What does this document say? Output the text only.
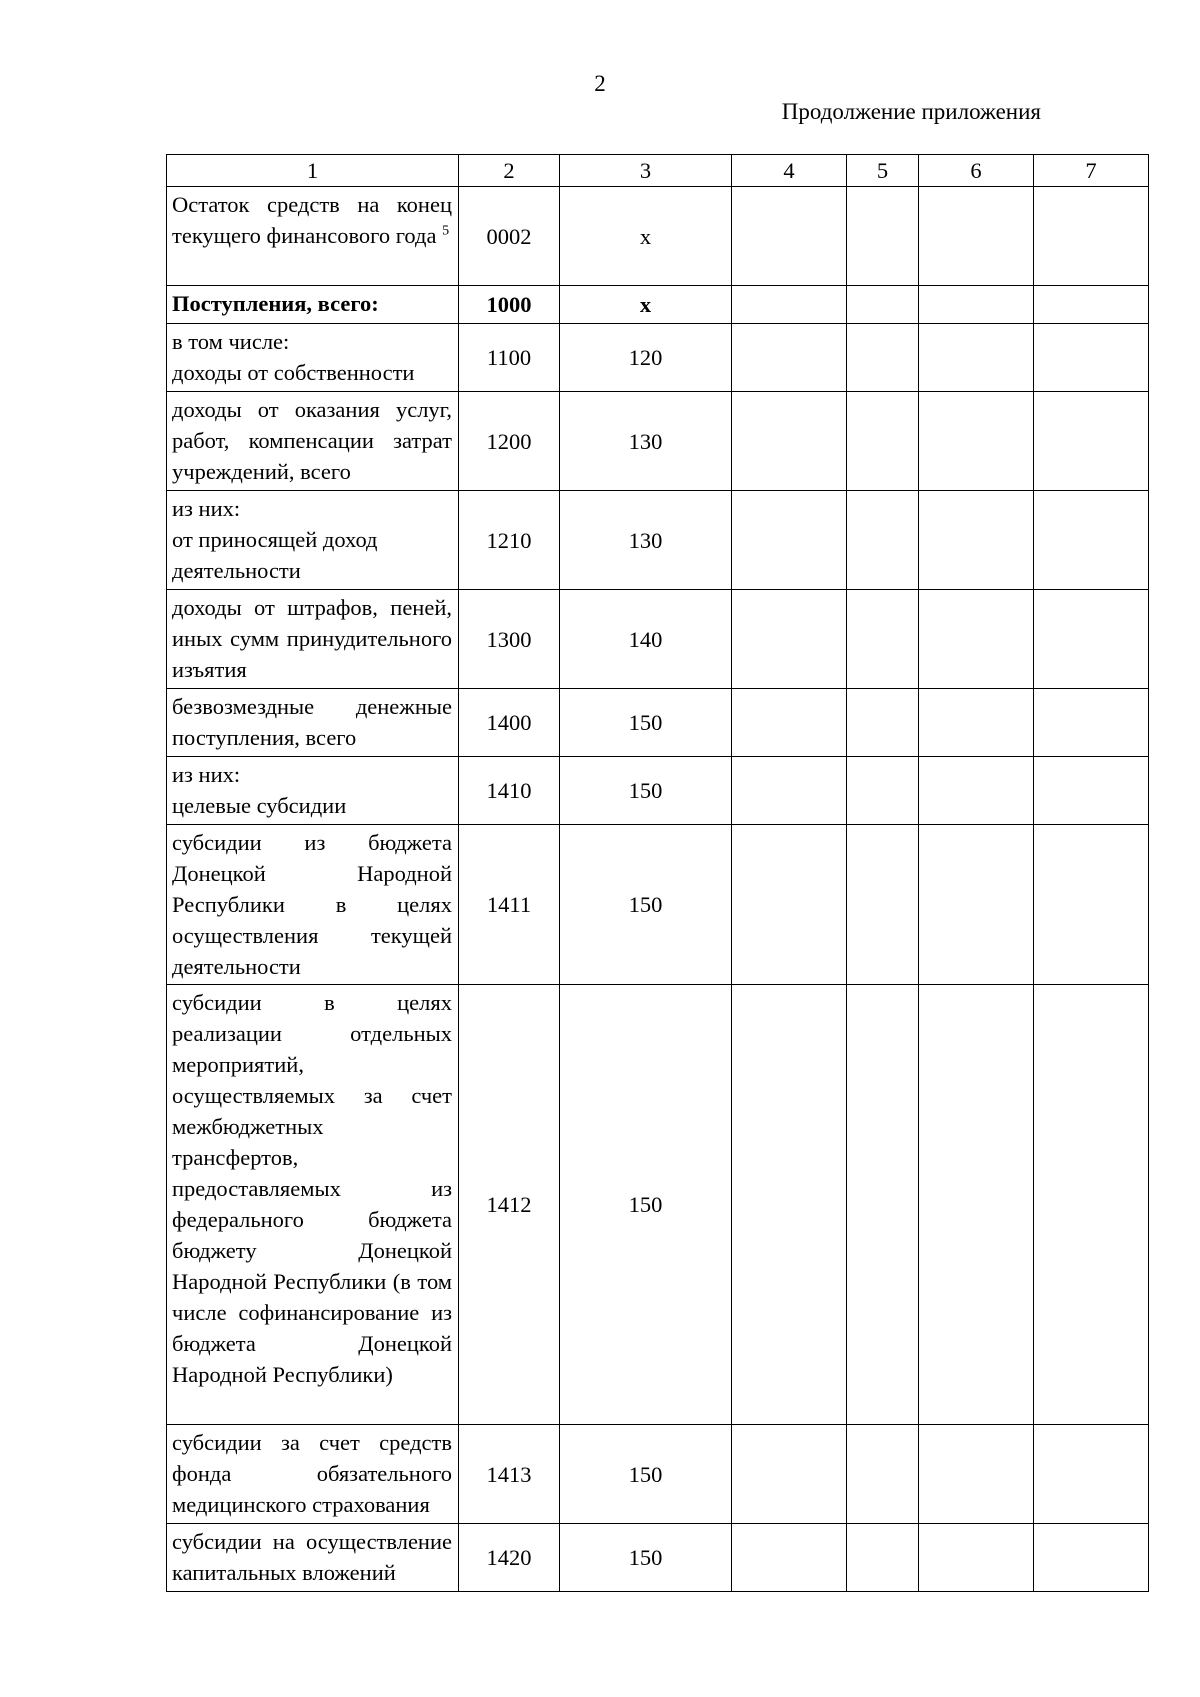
2
Продолжение приложения
1	2	3	4	5	6	7
Остаток средств на конец текущего финансового года $^5$	0002	х				
Поступления, всего:	1000	х				

в том числе:
доходы от собственности	1100	120				
доходы от оказания услуг, работ, компенсации затрат учреждений, всего	1200	130				

из них:
от приносящей доход
деятельности	1210	130				
доходы от штрафов, пеней, иных сумм принудительного изъятия	1300	140				
безвозмездные денежные поступления, всего	1400	150				

из них:
целевые субсидии	1410	150				
субсидии из бюджета Донецкой Народной Республики в целях осуществления текущей деятельности	1411	150				
субсидии в целях реализации отдельных мероприятий, осуществляемых за счет межбюджетных трансфертов, предоставляемых из федерального бюджета бюджету Донецкой Народной Республики (в том числе софинансирование из бюджета Донецкой Народной Республики)	1412	150				
субсидии за счет средств фонда обязательного медицинского страхования	1413	150				
субсидии на осуществление капитальных вложений	1420	150				
